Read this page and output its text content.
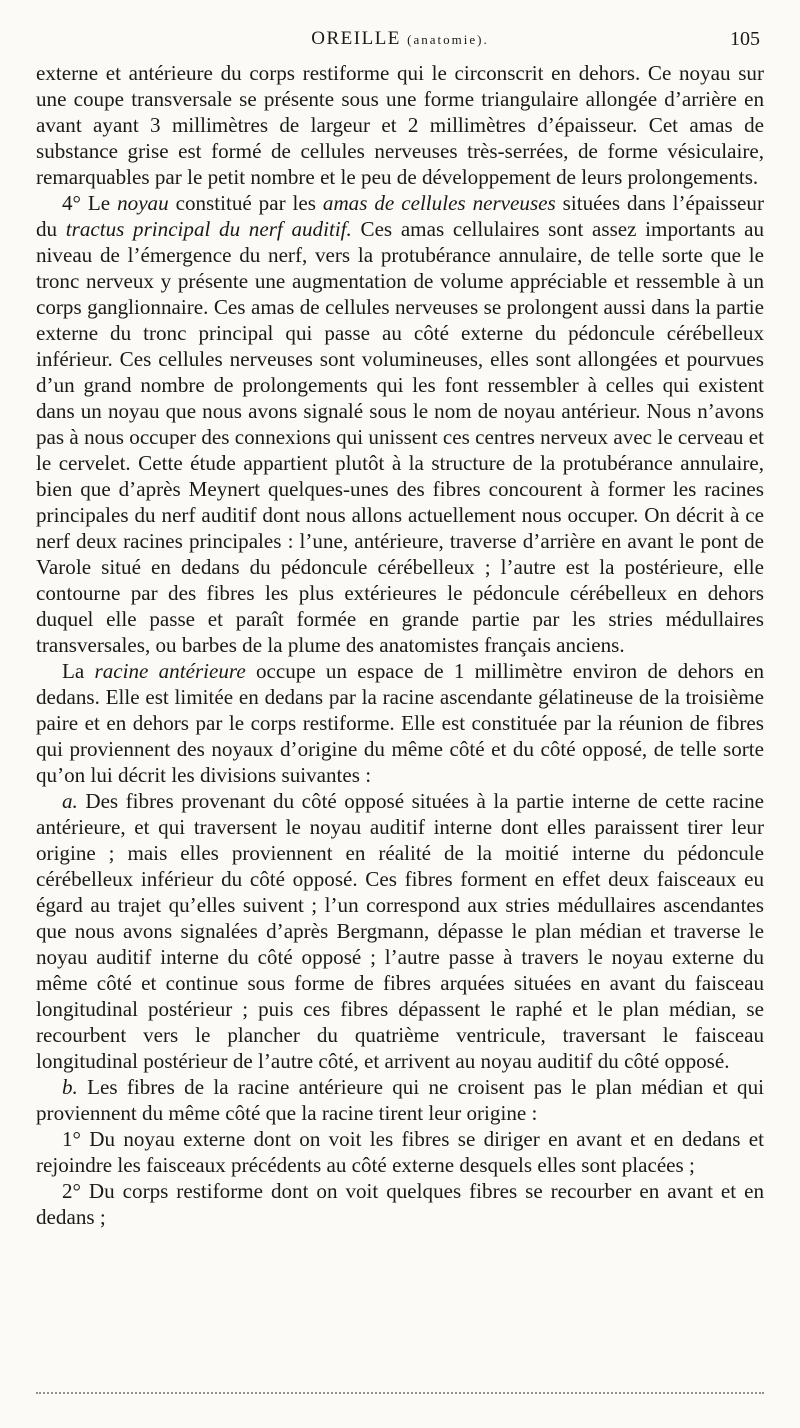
OREILLE (anatomie).	105

externe et antérieure du corps restiforme qui le circonscrit en dehors. Ce noyau sur une coupe transversale se présente sous une forme triangulaire allongée d’arrière en avant ayant 3 millimètres de largeur et 2 millimètres d’épaisseur. Cet amas de substance grise est formé de cellules nerveuses très-serrées, de forme vésiculaire, remarquables par le petit nombre et le peu de développement de leurs prolongements.

4° Le noyau constitué par les amas de cellules nerveuses situées dans l’épaisseur du tractus principal du nerf auditif. Ces amas cellulaires sont assez importants au niveau de l’émergence du nerf, vers la protubérance annulaire, de telle sorte que le tronc nerveux y présente une augmentation de volume appréciable et ressemble à un corps ganglionnaire. Ces amas de cellules nerveuses se prolongent aussi dans la partie externe du tronc principal qui passe au côté externe du pédoncule cérébelleux inférieur. Ces cellules nerveuses sont volumineuses, elles sont allongées et pourvues d’un grand nombre de prolongements qui les font ressembler à celles qui existent dans un noyau que nous avons signalé sous le nom de noyau antérieur. Nous n’avons pas à nous occuper des connexions qui unissent ces centres nerveux avec le cerveau et le cervelet. Cette étude appartient plutôt à la structure de la protubérance annulaire, bien que d’après Meynert quelques-unes des fibres concourent à former les racines principales du nerf auditif dont nous allons actuellement nous occuper. On décrit à ce nerf deux racines principales : l’une, antérieure, traverse d’arrière en avant le pont de Varole situé en dedans du pédoncule cérébelleux ; l’autre est la postérieure, elle contourne par des fibres les plus extérieures le pédoncule cérébelleux en dehors duquel elle passe et paraît formée en grande partie par les stries médullaires transversales, ou barbes de la plume des anatomistes français anciens.

La racine antérieure occupe un espace de 1 millimètre environ de dehors en dedans. Elle est limitée en dedans par la racine ascendante gélatineuse de la troisième paire et en dehors par le corps restiforme. Elle est constituée par la réunion de fibres qui proviennent des noyaux d’origine du même côté et du côté opposé, de telle sorte qu’on lui décrit les divisions suivantes :

a. Des fibres provenant du côté opposé situées à la partie interne de cette racine antérieure, et qui traversent le noyau auditif interne dont elles paraissent tirer leur origine ; mais elles proviennent en réalité de la moitié interne du pédoncule cérébelleux inférieur du côté opposé. Ces fibres forment en effet deux faisceaux eu égard au trajet qu’elles suivent ; l’un correspond aux stries médullaires ascendantes que nous avons signalées d’après Bergmann, dépasse le plan médian et traverse le noyau auditif interne du côté opposé ; l’autre passe à travers le noyau externe du même côté et continue sous forme de fibres arquées situées en avant du faisceau longitudinal postérieur ; puis ces fibres dépassent le raphé et le plan médian, se recourbent vers le plancher du quatrième ventricule, traversant le faisceau longitudinal postérieur de l’autre côté, et arrivent au noyau auditif du côté opposé.

b. Les fibres de la racine antérieure qui ne croisent pas le plan médian et qui proviennent du même côté que la racine tirent leur origine :

1° Du noyau externe dont on voit les fibres se diriger en avant et en dedans et rejoindre les faisceaux précédents au côté externe desquels elles sont placées ;

2° Du corps restiforme dont on voit quelques fibres se recourber en avant et en dedans ;
